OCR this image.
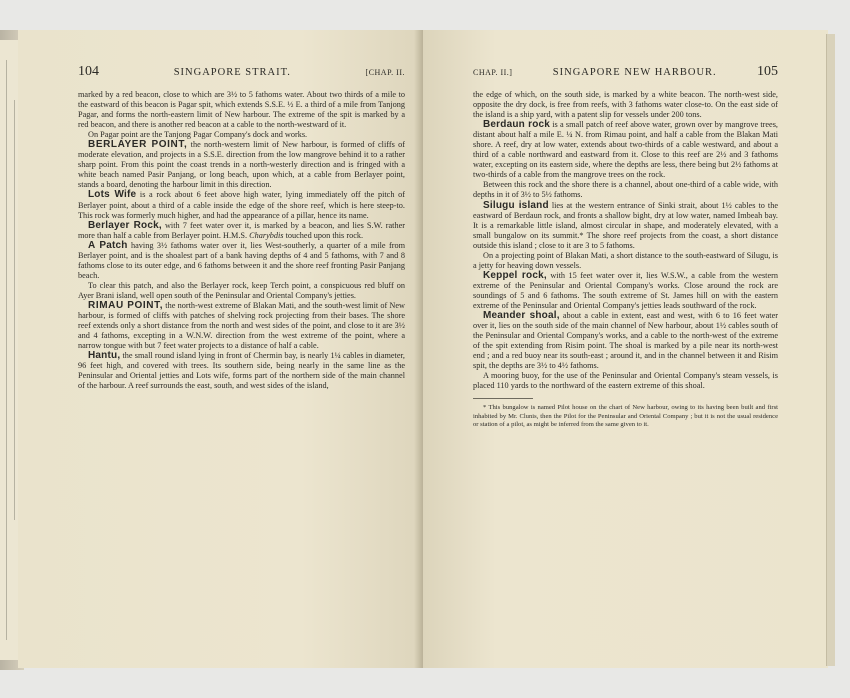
104	SINGAPORE STRAIT.	[CHAP. II.

marked by a red beacon, close to which are 3½ to 5 fathoms water. About two thirds of a mile to the eastward of this beacon is Pagar spit, which extends S.S.E. ½ E. a third of a mile from Tanjong Pagar, and forms the north-eastern limit of New harbour. The extreme of the spit is marked by a red beacon, and there is another red beacon at a cable to the north-westward of it.

On Pagar point are the Tanjong Pagar Company's dock and works.

BERLAYER POINT, the north-western limit of New harbour, is formed of cliffs of moderate elevation, and projects in a S.S.E. direction from the low mangrove behind it to a rather sharp point. From this point the coast trends in a north-westerly direction and is fringed with a white beach named Pasir Panjang, or long beach, upon which, at a cable from Berlayer point, stands a board, denoting the harbour limit in this direction.

Lots Wife is a rock about 6 feet above high water, lying immediately off the pitch of Berlayer point, about a third of a cable inside the edge of the shore reef, which is here steep-to. This rock was formerly much higher, and had the appearance of a pillar, hence its name.

Berlayer Rock, with 7 feet water over it, is marked by a beacon, and lies S.W. rather more than half a cable from Berlayer point. H.M.S. Charybdis touched upon this rock.

A Patch having 3½ fathoms water over it, lies West-southerly, a quarter of a mile from Berlayer point, and is the shoalest part of a bank having depths of 4 and 5 fathoms, with 7 and 8 fathoms close to its outer edge, and 6 fathoms between it and the shore reef fronting Pasir Panjang beach.

To clear this patch, and also the Berlayer rock, keep Terch point, a conspicuous red bluff on Ayer Brani island, well open south of the Peninsular and Oriental Company's jetties.

RIMAU POINT, the north-west extreme of Blakan Mati, and the south-west limit of New harbour, is formed of cliffs with patches of shelving rock projecting from their bases. The shore reef extends only a short distance from the north and west sides of the point, and close to it are 3½ and 4 fathoms, excepting in a W.N.W. direction from the west extreme of the point, where a narrow tongue with but 7 feet water projects to a distance of half a cable.

Hantu, the small round island lying in front of Chermin bay, is nearly 1¼ cables in diameter, 96 feet high, and covered with trees. Its southern side, being nearly in the same line as the Peninsular and Oriental jetties and Lots wife, forms part of the northern side of the main channel of the harbour. A reef surrounds the east, south, and west sides of the island,

CHAP. II.]	SINGAPORE NEW HARBOUR.	105

the edge of which, on the south side, is marked by a white beacon. The north-west side, opposite the dry dock, is free from reefs, with 3 fathoms water close-to. On the east side of the island is a ship yard, with a patent slip for vessels under 200 tons.

Berdaun rock is a small patch of reef above water, grown over by mangrove trees, distant about half a mile E. ¼ N. from Rimau point, and half a cable from the Blakan Mati shore. A reef, dry at low water, extends about two-thirds of a cable westward, and about a third of a cable northward and eastward from it. Close to this reef are 2½ and 3 fathoms water, excepting on its eastern side, where the depths are less, there being but 2½ fathoms at two-thirds of a cable from the mangrove trees on the rock.

Between this rock and the shore there is a channel, about one-third of a cable wide, with depths in it of 3½ to 5½ fathoms.

Silugu island lies at the western entrance of Sinki strait, about 1½ cables to the eastward of Berdaun rock, and fronts a shallow bight, dry at low water, named Imbeah bay. It is a remarkable little island, almost circular in shape, and moderately elevated, with a small bungalow on its summit.* The shore reef projects from the coast, a short distance outside this island ; close to it are 3 to 5 fathoms.

On a projecting point of Blakan Mati, a short distance to the south-eastward of Silugu, is a jetty for heaving down vessels.

Keppel rock, with 15 feet water over it, lies W.S.W., a cable from the western extreme of the Peninsular and Oriental Company's works. Close around the rock are soundings of 5 and 6 fathoms. The south extreme of St. James hill on with the eastern extreme of the Peninsular and Oriental Company's jetties leads southward of the rock.

Meander shoal, about a cable in extent, east and west, with 6 to 16 feet water over it, lies on the south side of the main channel of New harbour, about 1½ cables south of the Peninsular and Oriental Company's works, and a cable to the north-west of the extreme of the spit extending from Risim point. The shoal is marked by a pile near its north-west end ; and a red buoy near its south-east ; around it, and in the channel between it and Risim spit, the depths are 3½ to 4½ fathoms.

A mooring buoy, for the use of the Peninsular and Oriental Company's steam vessels, is placed 110 yards to the northward of the eastern extreme of this shoal.

* This bungalow is named Pilot house on the chart of New harbour, owing to its having been built and first inhabited by Mr. Clunis, then the Pilot for the Peninsular and Oriental Company ; but it is not the usual residence or station of a pilot, as might be inferred from the same given to it.
